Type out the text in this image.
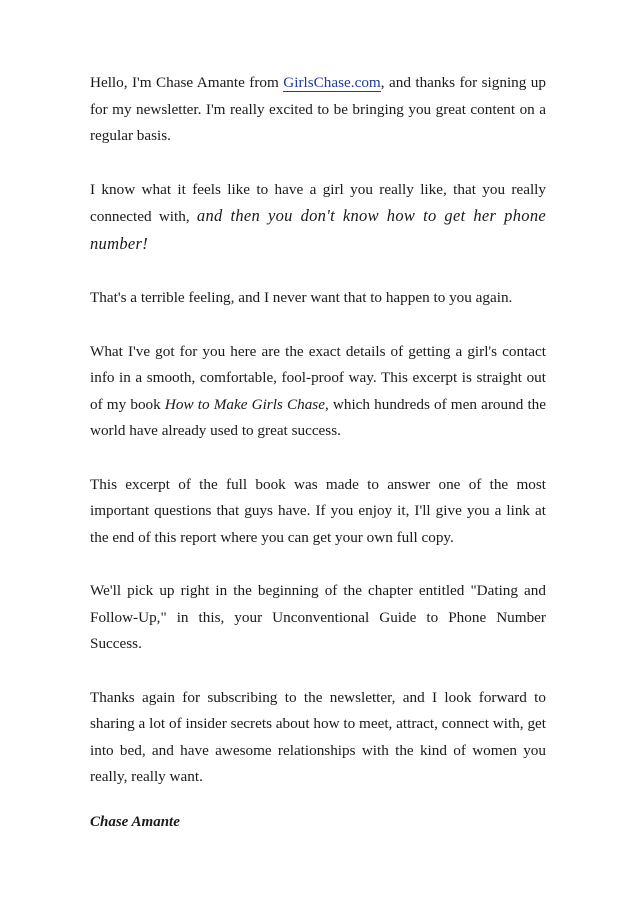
Hello, I'm Chase Amante from GirlsChase.com, and thanks for signing up for my newsletter. I'm really excited to be bringing you great content on a regular basis.

I know what it feels like to have a girl you really like, that you really connected with, and then you don't know how to get her phone number!

That's a terrible feeling, and I never want that to happen to you again.

What I've got for you here are the exact details of getting a girl's contact info in a smooth, comfortable, fool-proof way. This excerpt is straight out of my book How to Make Girls Chase, which hundreds of men around the world have already used to great success.

This excerpt of the full book was made to answer one of the most important questions that guys have. If you enjoy it, I'll give you a link at the end of this report where you can get your own full copy.

We'll pick up right in the beginning of the chapter entitled "Dating and Follow-Up," in this, your Unconventional Guide to Phone Number Success.

Thanks again for subscribing to the newsletter, and I look forward to sharing a lot of insider secrets about how to meet, attract, connect with, get into bed, and have awesome relationships with the kind of women you really, really want.

Chase Amante
